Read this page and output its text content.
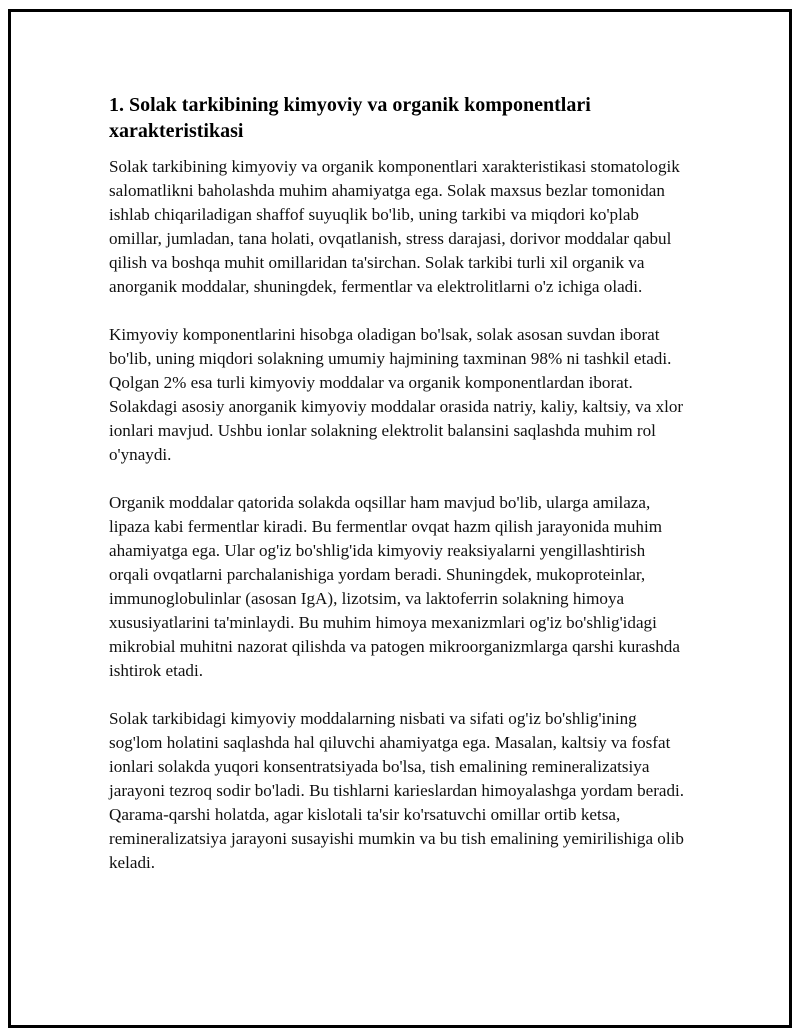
1. Solak tarkibining kimyoviy va organik komponentlari xarakteristikasi

Solak tarkibining kimyoviy va organik komponentlari xarakteristikasi stomatologik salomatlikni baholashda muhim ahamiyatga ega. Solak maxsus bezlar tomonidan ishlab chiqariladigan shaffof suyuqlik bo'lib, uning tarkibi va miqdori ko'plab omillar, jumladan, tana holati, ovqatlanish, stress darajasi, dorivor moddalar qabul qilish va boshqa muhit omillaridan ta'sirchan. Solak tarkibi turli xil organik va anorganik moddalar, shuningdek, fermentlar va elektrolitlarni o'z ichiga oladi.

Kimyoviy komponentlarini hisobga oladigan bo'lsak, solak asosan suvdan iborat bo'lib, uning miqdori solakning umumiy hajmining taxminan 98% ni tashkil etadi. Qolgan 2% esa turli kimyoviy moddalar va organik komponentlardan iborat. Solakdagi asosiy anorganik kimyoviy moddalar orasida natriy, kaliy, kaltsiy, va xlor ionlari mavjud. Ushbu ionlar solakning elektrolit balansini saqlashda muhim rol o'ynaydi.

Organik moddalar qatorida solakda oqsillar ham mavjud bo'lib, ularga amilaza, lipaza kabi fermentlar kiradi. Bu fermentlar ovqat hazm qilish jarayonida muhim ahamiyatga ega. Ular og'iz bo'shlig'ida kimyoviy reaksiyalarni yengillashtirish orqali ovqatlarni parchalanishiga yordam beradi. Shuningdek, mukoproteinlar, immunoglobulinlar (asosan IgA), lizotsim, va laktoferrin solakning himoya xususiyatlarini ta'minlaydi. Bu muhim himoya mexanizmlari og'iz bo'shlig'idagi mikrobial muhitni nazorat qilishda va patogen mikroorganizmlarga qarshi kurashda ishtirok etadi.

Solak tarkibidagi kimyoviy moddalarning nisbati va sifati og'iz bo'shlig'ining sog'lom holatini saqlashda hal qiluvchi ahamiyatga ega. Masalan, kaltsiy va fosfat ionlari solakda yuqori konsentratsiyada bo'lsa, tish emalining remineralizatsiya jarayoni tezroq sodir bo'ladi. Bu tishlarni karieslardan himoyalashga yordam beradi. Qarama-qarshi holatda, agar kislotali ta'sir ko'rsatuvchi omillar ortib ketsa, remineralizatsiya jarayoni susayishi mumkin va bu tish emalining yemirilishiga olib keladi.
